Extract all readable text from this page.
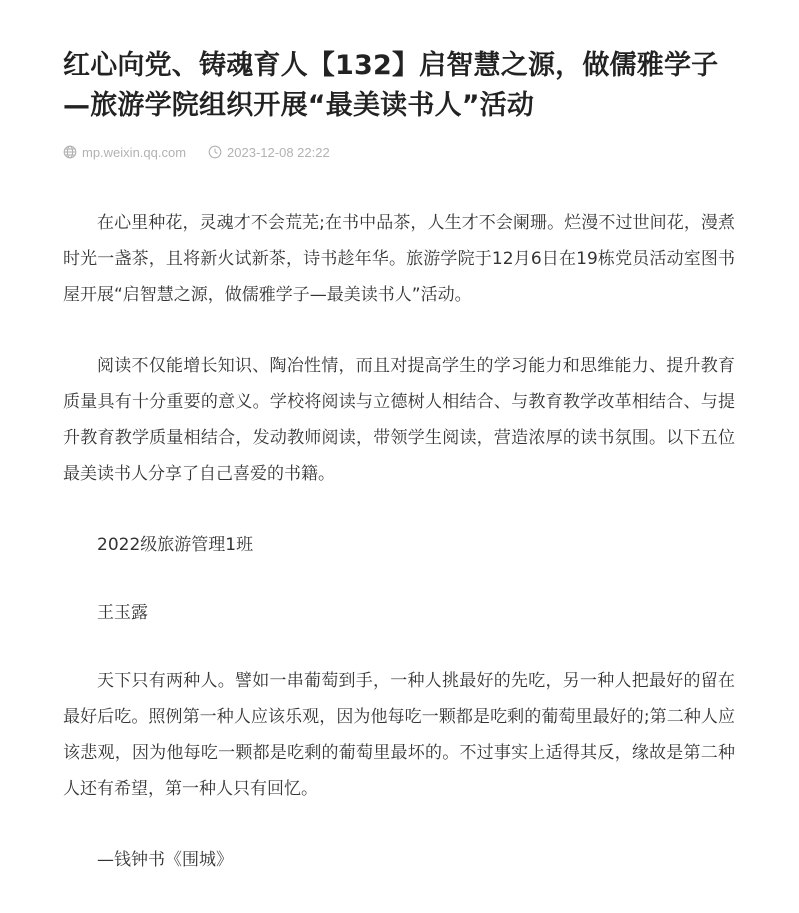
红心向党、铸魂育人【132】启智慧之源，做儒雅学子—旅游学院组织开展“最美读书人”活动
mp.weixin.qq.com	2023-12-08 22:22

在心里种花，灵魂才不会荒芜;在书中品茶，人生才不会阑珊。烂漫不过世间花，漫煮时光一盏茶，且将新火试新茶，诗书趁年华。旅游学院于12月6日在19栋党员活动室图书屋开展“启智慧之源，做儒雅学子—最美读书人”活动。

阅读不仅能增长知识、陶冶性情，而且对提高学生的学习能力和思维能力、提升教育质量具有十分重要的意义。学校将阅读与立德树人相结合、与教育教学改革相结合、与提升教育教学质量相结合，发动教师阅读，带领学生阅读，营造浓厚的读书氛围。以下五位最美读书人分享了自己喜爱的书籍。

2022级旅游管理1班

王玉露

天下只有两种人。譬如一串葡萄到手，一种人挑最好的先吃，另一种人把最好的留在最好后吃。照例第一种人应该乐观，因为他每吃一颗都是吃剩的葡萄里最好的;第二种人应该悲观，因为他每吃一颗都是吃剩的葡萄里最坏的。不过事实上适得其反，缘故是第二种人还有希望，第一种人只有回忆。

—钱钟书《围城》
